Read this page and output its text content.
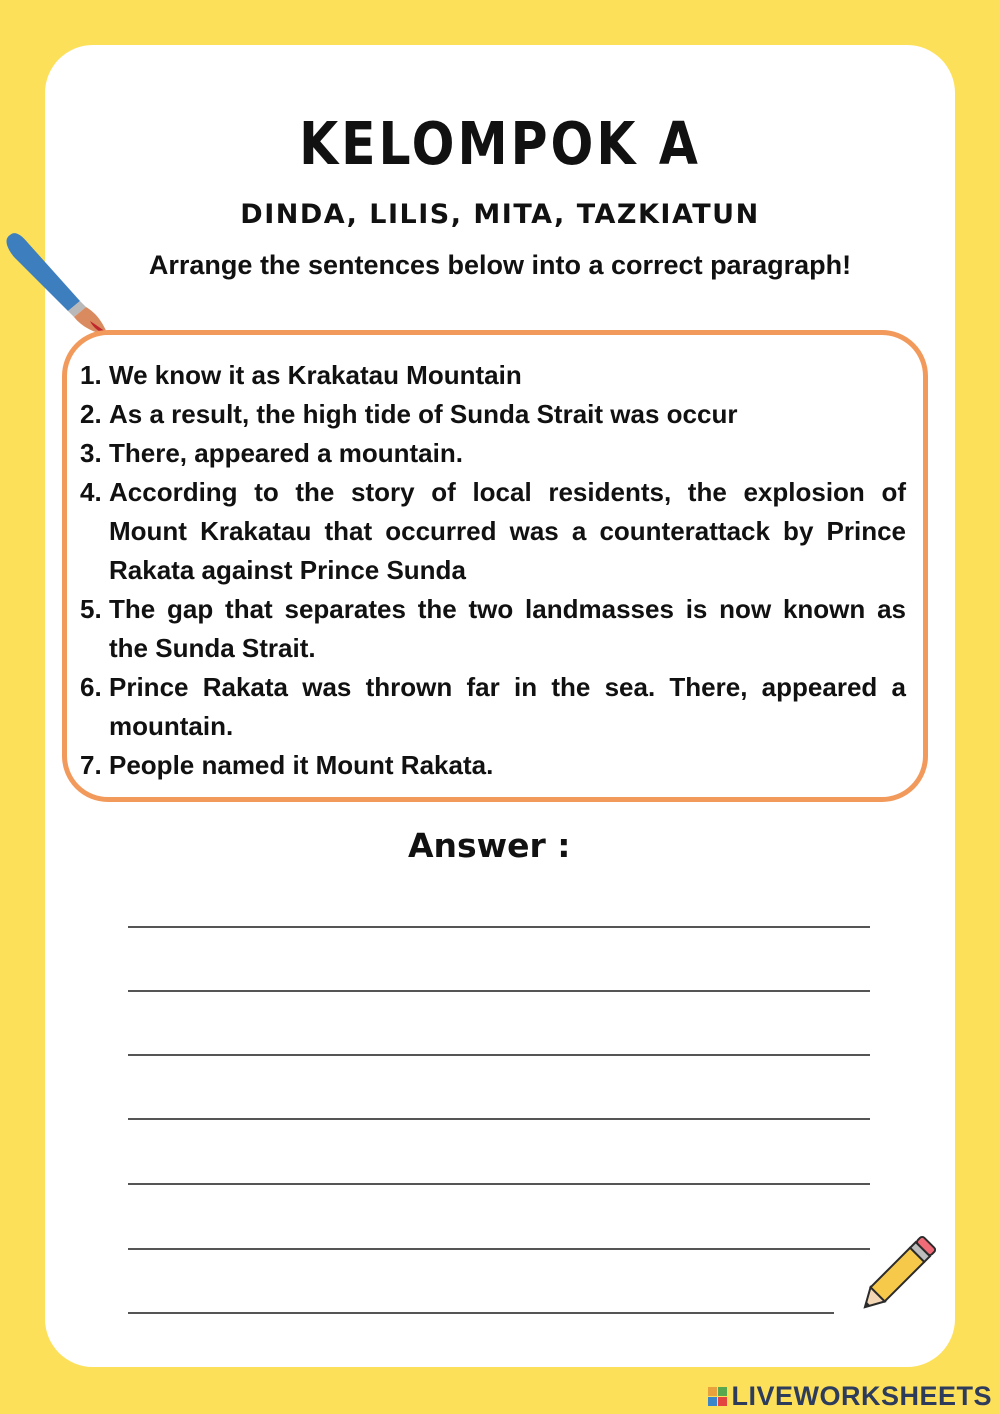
KELOMPOK A
DINDA, LILIS, MITA, TAZKIATUN
Arrange the sentences below into a correct paragraph!
1. We know it as Krakatau Mountain
2. As a result, the high tide of Sunda Strait was occur
3. There, appeared a mountain.
4. According to the story of local residents, the explosion of Mount Krakatau that occurred was a counterattack by Prince Rakata against Prince Sunda
5. The gap that separates the two landmasses is now known as the Sunda Strait.
6. Prince Rakata was thrown far in the sea. There, appeared a mountain.
7. People named it Mount Rakata.
Answer :
LIVEWORKSHEETS
